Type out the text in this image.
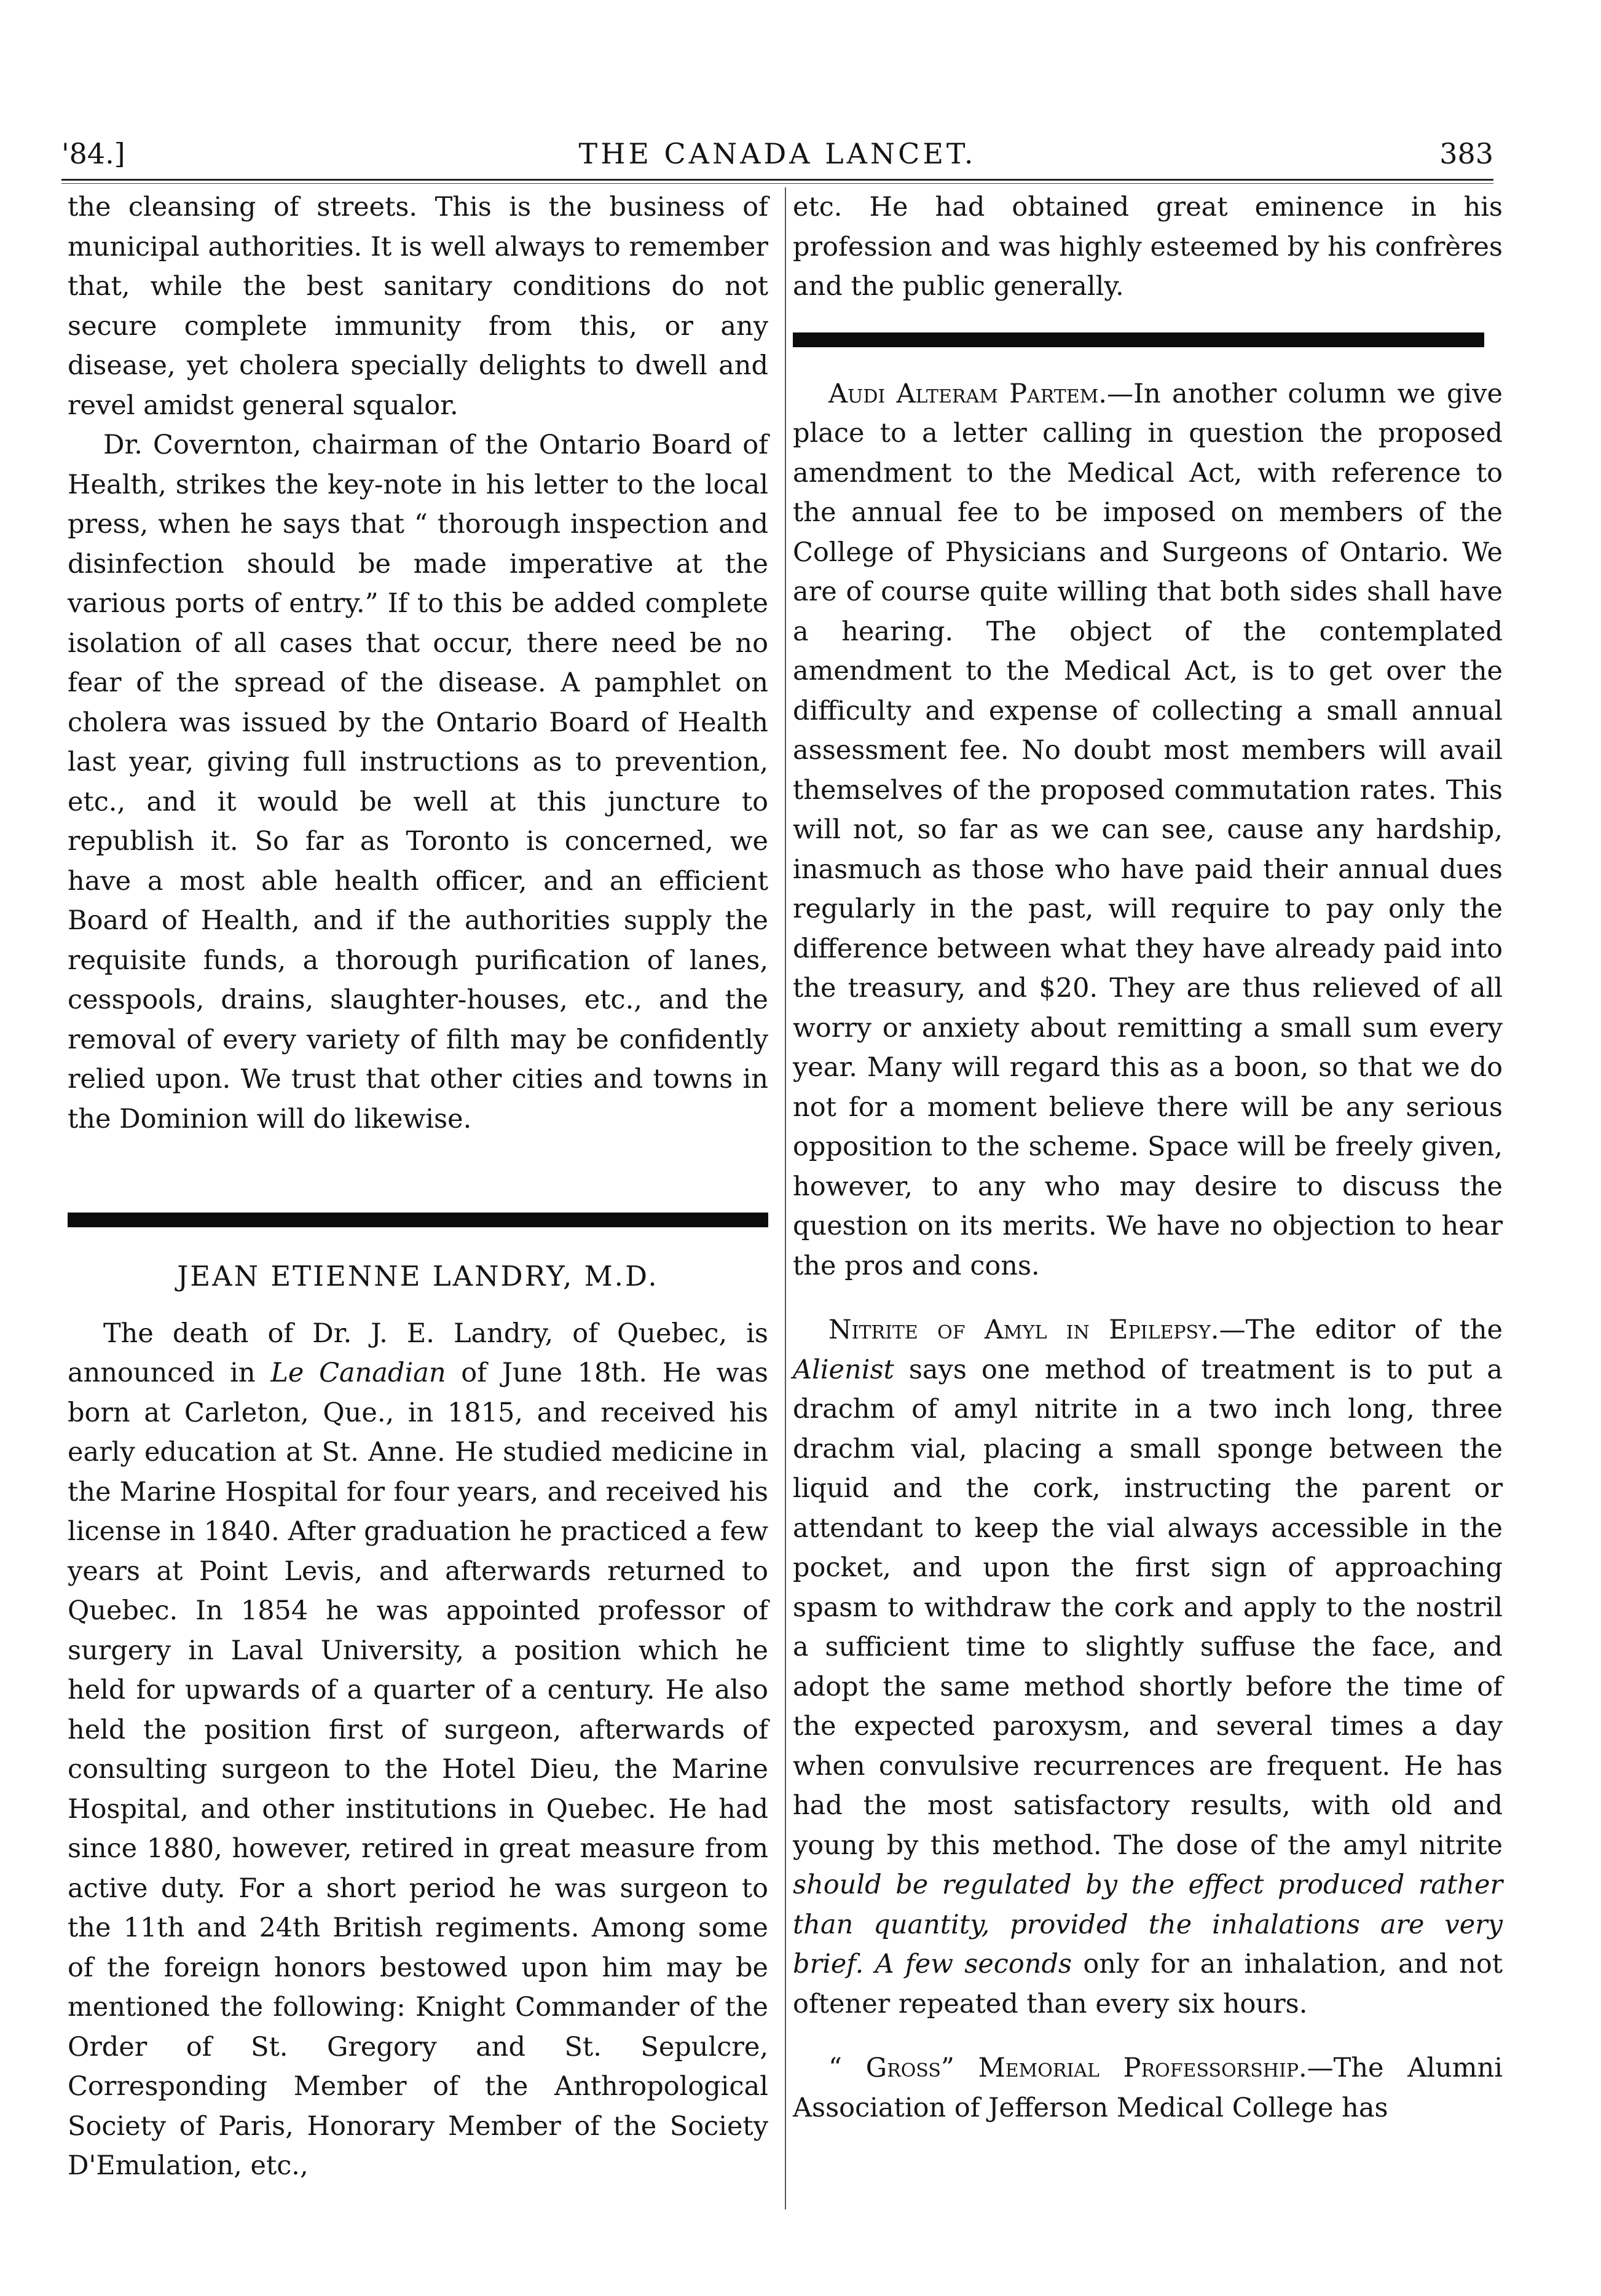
'84.]	THE CANADA LANCET.	383

the cleansing of streets. This is the business of municipal authorities. It is well always to remember that, while the best sanitary conditions do not secure complete immunity from this, or any disease, yet cholera specially delights to dwell and revel amidst general squalor.

Dr. Covernton, chairman of the Ontario Board of Health, strikes the key-note in his letter to the local press, when he says that “ thorough inspection and disinfection should be made imperative at the various ports of entry.” If to this be added complete isolation of all cases that occur, there need be no fear of the spread of the disease. A pamphlet on cholera was issued by the Ontario Board of Health last year, giving full instructions as to prevention, etc., and it would be well at this juncture to republish it. So far as Toronto is concerned, we have a most able health officer, and an efficient Board of Health, and if the authorities supply the requisite funds, a thorough purification of lanes, cesspools, drains, slaughter-houses, etc., and the removal of every variety of filth may be confidently relied upon. We trust that other cities and towns in the Dominion will do likewise.

JEAN ETIENNE LANDRY, M.D.

The death of Dr. J. E. Landry, of Quebec, is announced in Le Canadian of June 18th. He was born at Carleton, Que., in 1815, and received his early education at St. Anne. He studied medicine in the Marine Hospital for four years, and received his license in 1840. After graduation he practiced a few years at Point Levis, and afterwards returned to Quebec. In 1854 he was appointed professor of surgery in Laval University, a position which he held for upwards of a quarter of a century. He also held the position first of surgeon, afterwards of consulting surgeon to the Hotel Dieu, the Marine Hospital, and other institutions in Quebec. He had since 1880, however, retired in great measure from active duty. For a short period he was surgeon to the 11th and 24th British regiments. Among some of the foreign honors bestowed upon him may be mentioned the following: Knight Commander of the Order of St. Gregory and St. Sepulcre, Corresponding Member of the Anthropological Society of Paris, Honorary Member of the Society D'Emulation, etc.,

etc. He had obtained great eminence in his profession and was highly esteemed by his confrères and the public generally.

Audi Alteram Partem.—In another column we give place to a letter calling in question the proposed amendment to the Medical Act, with reference to the annual fee to be imposed on members of the College of Physicians and Surgeons of Ontario. We are of course quite willing that both sides shall have a hearing. The object of the contemplated amendment to the Medical Act, is to get over the difficulty and expense of collecting a small annual assessment fee. No doubt most members will avail themselves of the proposed commutation rates. This will not, so far as we can see, cause any hardship, inasmuch as those who have paid their annual dues regularly in the past, will require to pay only the difference between what they have already paid into the treasury, and $20. They are thus relieved of all worry or anxiety about remitting a small sum every year. Many will regard this as a boon, so that we do not for a moment believe there will be any serious opposition to the scheme. Space will be freely given, however, to any who may desire to discuss the question on its merits. We have no objection to hear the pros and cons.

Nitrite of Amyl in Epilepsy.—The editor of the Alienist says one method of treatment is to put a drachm of amyl nitrite in a two inch long, three drachm vial, placing a small sponge between the liquid and the cork, instructing the parent or attendant to keep the vial always accessible in the pocket, and upon the first sign of approaching spasm to withdraw the cork and apply to the nostril a sufficient time to slightly suffuse the face, and adopt the same method shortly before the time of the expected paroxysm, and several times a day when convulsive recurrences are frequent. He has had the most satisfactory results, with old and young by this method. The dose of the amyl nitrite should be regulated by the effect produced rather than quantity, provided the inhalations are very brief. A few seconds only for an inhalation, and not oftener repeated than every six hours.

“ Gross” Memorial Professorship.—The Alumni Association of Jefferson Medical College has
